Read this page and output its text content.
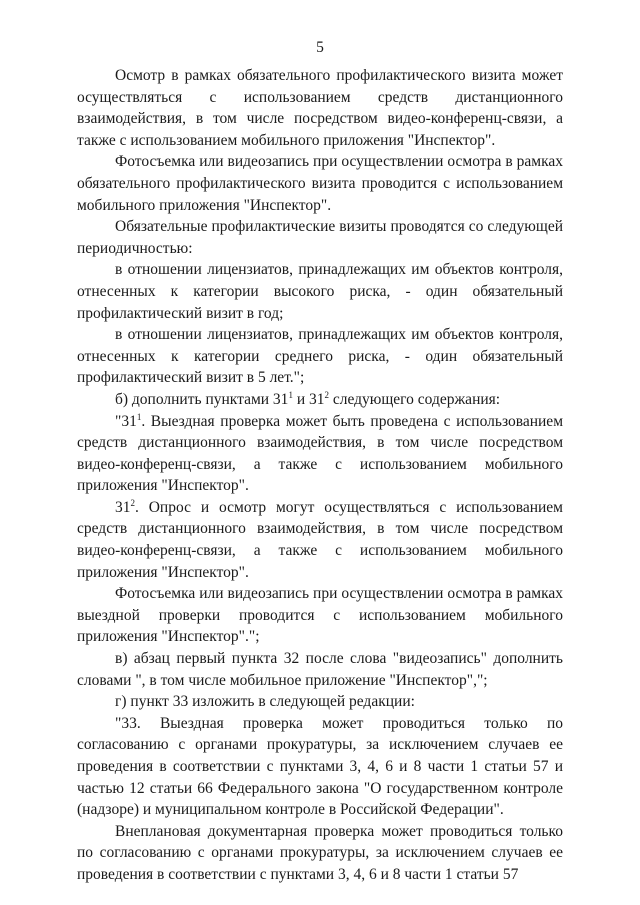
5

Осмотр в рамках обязательного профилактического визита может осуществляться с использованием средств дистанционного взаимодействия, в том числе посредством видео-конференц-связи, а также с использованием мобильного приложения "Инспектор".

Фотосъемка или видеозапись при осуществлении осмотра в рамках обязательного профилактического визита проводится с использованием мобильного приложения "Инспектор".

Обязательные профилактические визиты проводятся со следующей периодичностью:

в отношении лицензиатов, принадлежащих им объектов контроля, отнесенных к категории высокого риска, - один обязательный профилактический визит в год;

в отношении лицензиатов, принадлежащих им объектов контроля, отнесенных к категории среднего риска, - один обязательный профилактический визит в 5 лет.";

б) дополнить пунктами $31^1$ и $31^2$ следующего содержания:

"$31^1$. Выездная проверка может быть проведена с использованием средств дистанционного взаимодействия, в том числе посредством видео-конференц-связи, а также с использованием мобильного приложения "Инспектор".

$31^2$. Опрос и осмотр могут осуществляться с использованием средств дистанционного взаимодействия, в том числе посредством видео-конференц-связи, а также с использованием мобильного приложения "Инспектор".

Фотосъемка или видеозапись при осуществлении осмотра в рамках выездной проверки проводится с использованием мобильного приложения "Инспектор".";

в) абзац первый пункта 32 после слова "видеозапись" дополнить словами ", в том числе мобильное приложение "Инспектор",";

г) пункт 33 изложить в следующей редакции:

"33. Выездная проверка может проводиться только по согласованию с органами прокуратуры, за исключением случаев ее проведения в соответствии с пунктами 3, 4, 6 и 8 части 1 статьи 57 и частью 12 статьи 66 Федерального закона "О государственном контроле (надзоре) и муниципальном контроле в Российской Федерации".

Внеплановая документарная проверка может проводиться только по согласованию с органами прокуратуры, за исключением случаев ее проведения в соответствии с пунктами 3, 4, 6 и 8 части 1 статьи 57
